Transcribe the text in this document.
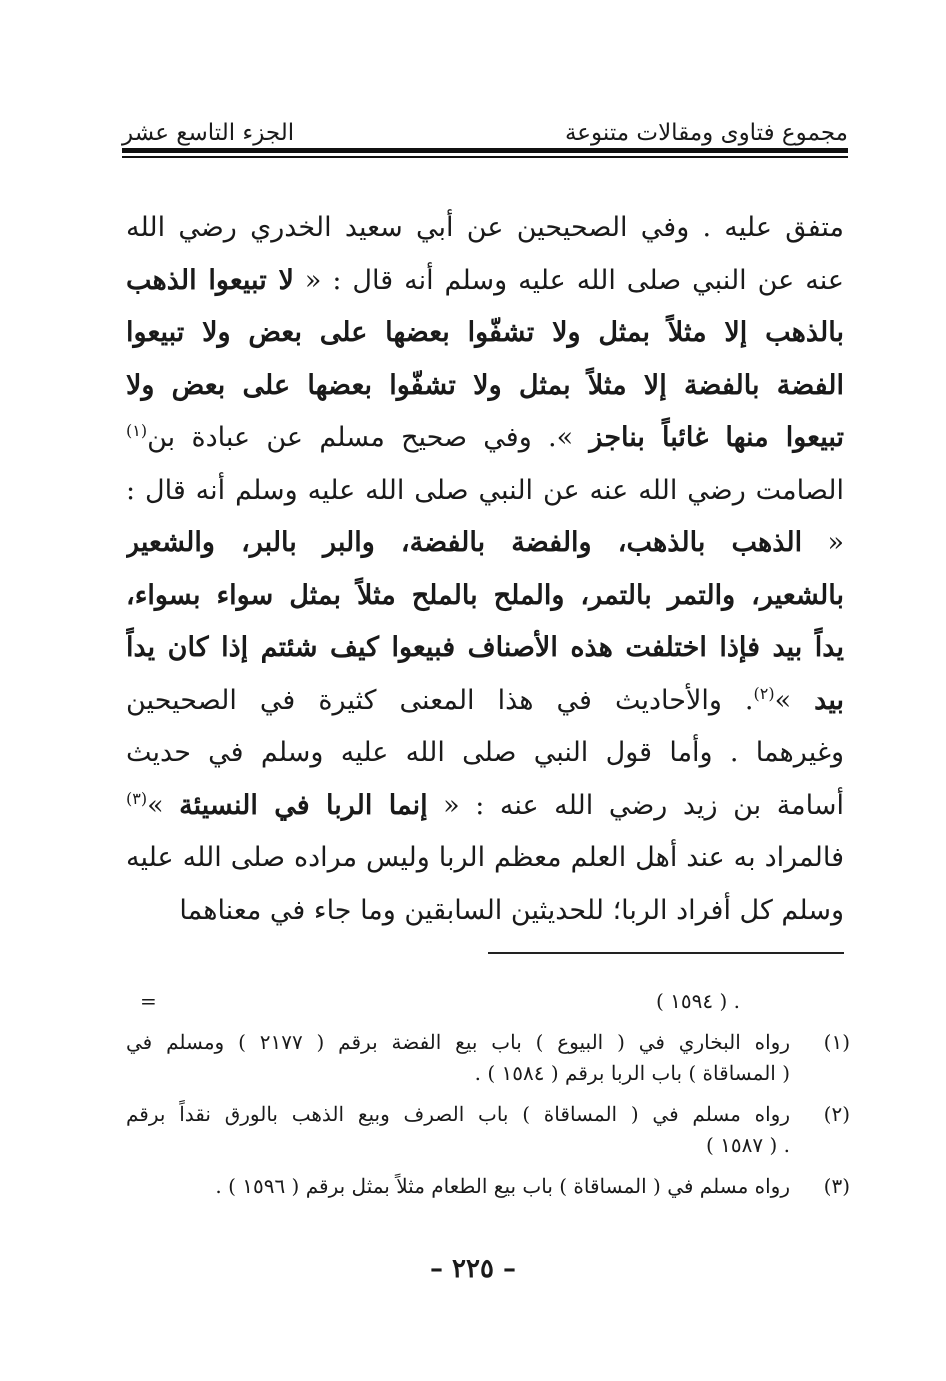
مجموع فتاوى ومقالات متنوعة
الجزء التاسع عشر
متفق عليه . وفي الصحيحين عن أبي سعيد الخدري رضي الله
عنه عن النبي صلى الله عليه وسلم أنه قال : « لا تبيعوا الذهب
بالذهب إلا مثلاً بمثل ولا تشفّوا بعضها على بعض ولا تبيعوا
الفضة بالفضة إلا مثلاً بمثل ولا تشفّوا بعضها على بعض ولا
تبيعوا منها غائباً بناجز ». وفي صحيح مسلم عن عبادة بن$^{(١)}$
الصامت رضي الله عنه عن النبي صلى الله عليه وسلم أنه قال :
« الذهب بالذهب، والفضة بالفضة، والبر بالبر، والشعير
بالشعير، والتمر بالتمر، والملح بالملح مثلاً بمثل سواء بسواء،
يداً بيد فإذا اختلفت هذه الأصناف فبيعوا كيف شئتم إذا كان يداً
بيد »$^{(٢)}$. والأحاديث في هذا المعنى كثيرة في الصحيحين
وغيرهما . وأما قول النبي صلى الله عليه وسلم في حديث
أسامة بن زيد رضي الله عنه : « إنما الربا في النسيئة »$^{(٣)}$
فالمراد به عند أهل العلم معظم الربا وليس مراده صلى الله عليه
وسلم كل أفراد الربا؛ للحديثين السابقين وما جاء في معناهما
. ( ١٥٩٤ )
=
(١)
رواه البخاري في ( البيوع ) باب بيع الفضة برقم ( ٢١٧٧ ) ومسلم في
( المساقاة ) باب الربا برقم ( ١٥٨٤ ) .
(٢)
رواه مسلم في ( المساقاة ) باب الصرف وبيع الذهب بالورق نقداً برقم
. ( ١٥٨٧ )
(٣)
رواه مسلم في ( المساقاة ) باب بيع الطعام مثلاً بمثل برقم ( ١٥٩٦ ) .
– ٢٢٥ –
